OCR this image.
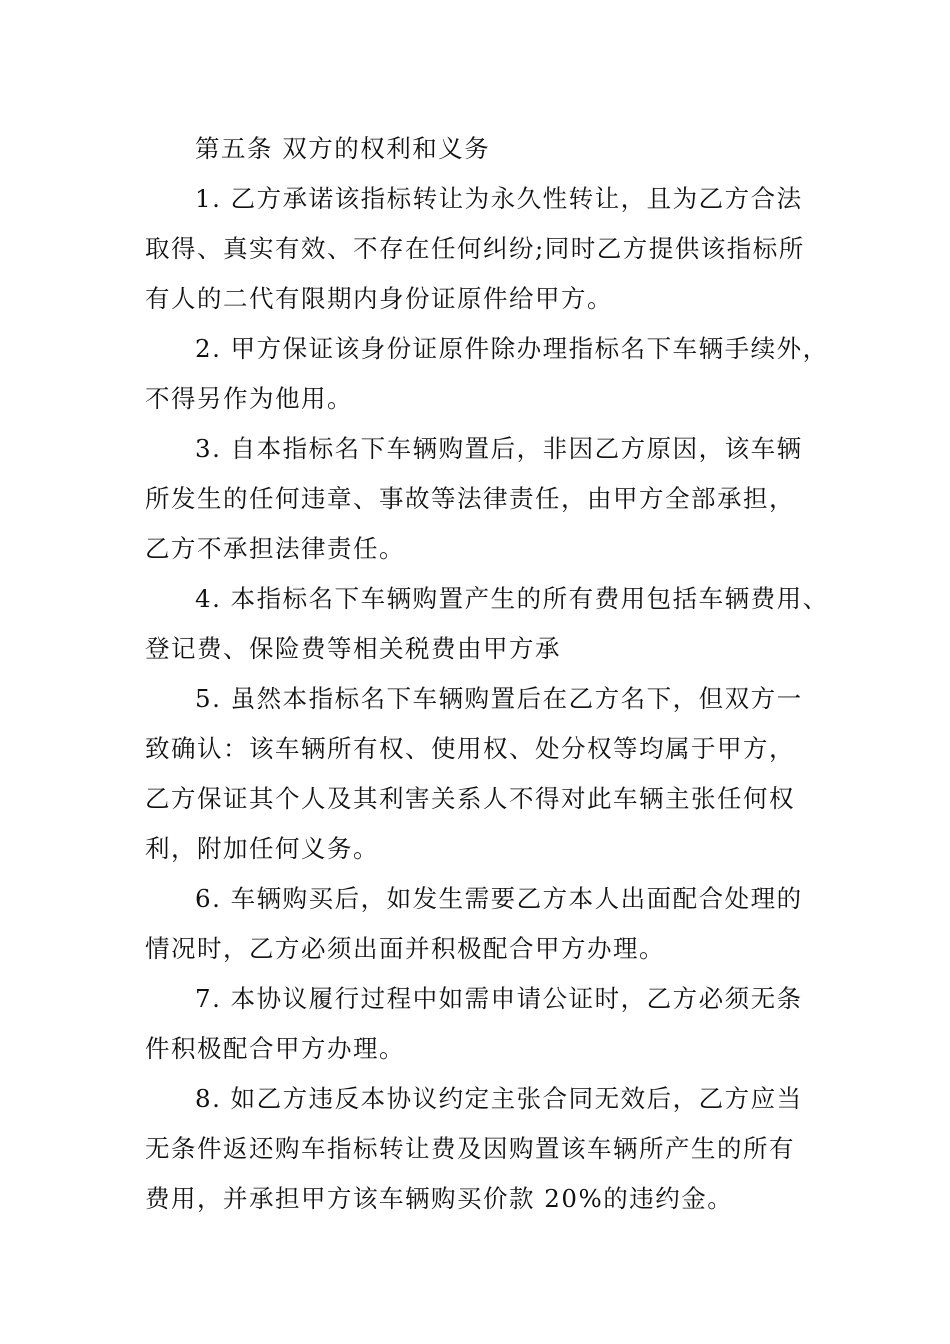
第五条 双方的权利和义务

1. 乙方承诺该指标转让为永久性转让，且为乙方合法
取得、真实有效、不存在任何纠纷;同时乙方提供该指标所
有人的二代有限期内身份证原件给甲方。

2. 甲方保证该身份证原件除办理指标名下车辆手续外，
不得另作为他用。

3. 自本指标名下车辆购置后，非因乙方原因，该车辆
所发生的任何违章、事故等法律责任，由甲方全部承担，
乙方不承担法律责任。

4. 本指标名下车辆购置产生的所有费用包括车辆费用、
登记费、保险费等相关税费由甲方承

5. 虽然本指标名下车辆购置后在乙方名下，但双方一
致确认：该车辆所有权、使用权、处分权等均属于甲方，
乙方保证其个人及其利害关系人不得对此车辆主张任何权
利，附加任何义务。

6. 车辆购买后，如发生需要乙方本人出面配合处理的
情况时，乙方必须出面并积极配合甲方办理。

7. 本协议履行过程中如需申请公证时，乙方必须无条
件积极配合甲方办理。

8. 如乙方违反本协议约定主张合同无效后，乙方应当
无条件返还购车指标转让费及因购置该车辆所产生的所有
费用，并承担甲方该车辆购买价款 20%的违约金。
